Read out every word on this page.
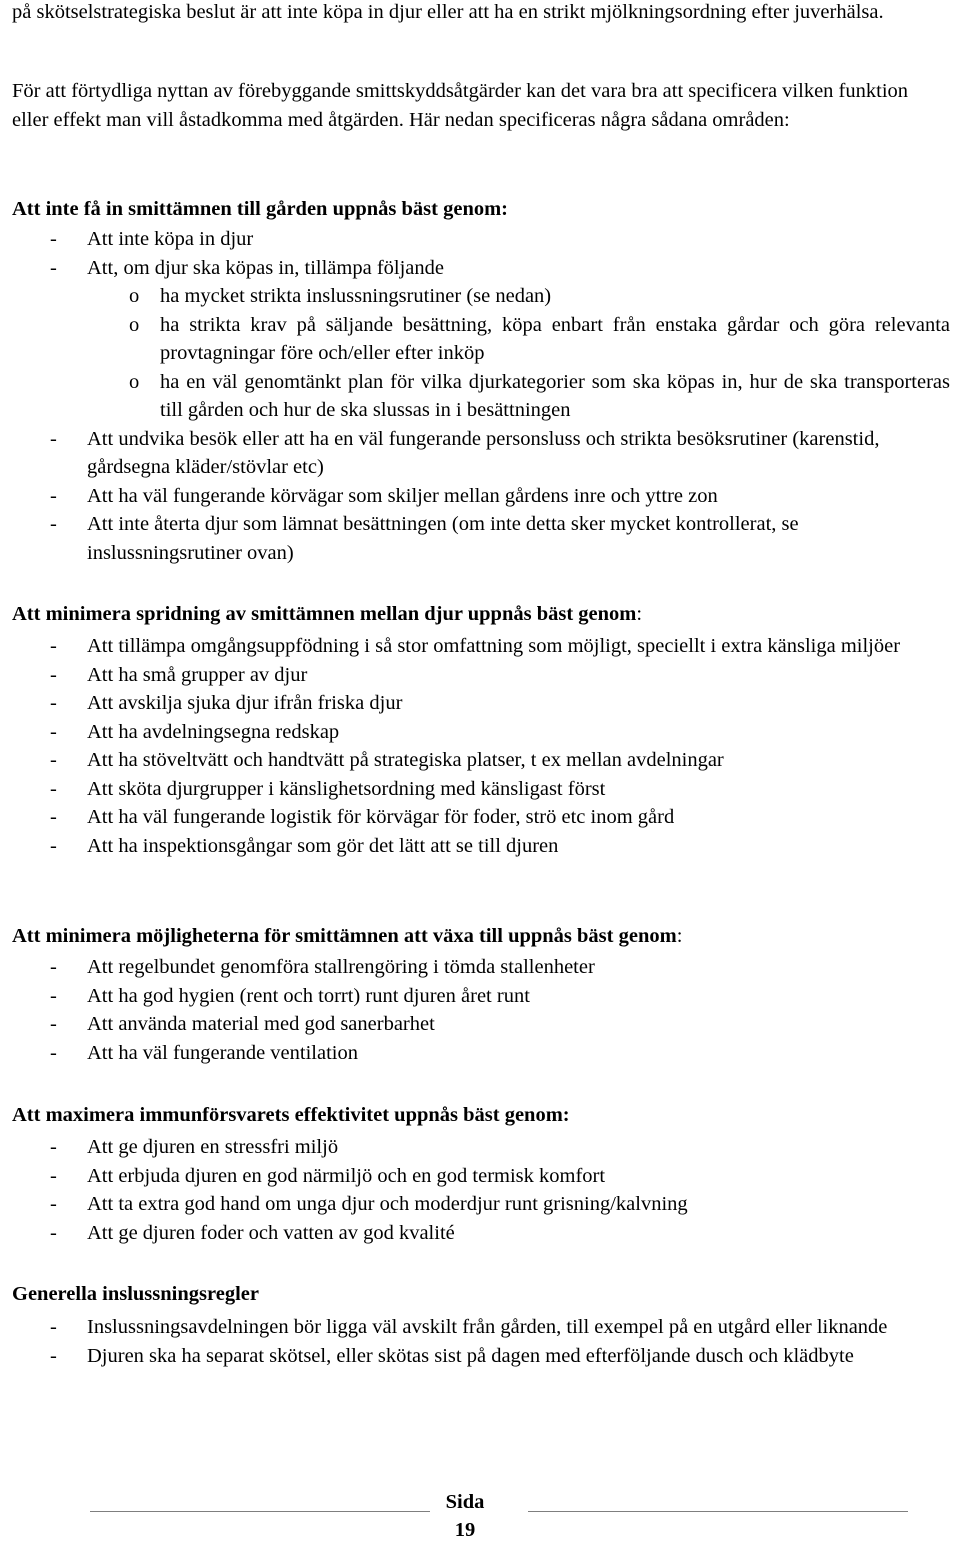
på skötselstrategiska beslut är att inte köpa in djur eller att ha en strikt mjölkningsordning efter juverhälsa.

För att förtydliga nyttan av förebyggande smittskyddsåtgärder kan det vara bra att specificera vilken funktion eller effekt man vill åstadkomma med åtgärden. Här nedan specificeras några sådana områden:

Att inte få in smittämnen till gården uppnås bäst genom:
- Att inte köpa in djur
- Att, om djur ska köpas in, tillämpa följande
o ha mycket strikta inslussningsrutiner (se nedan)
o ha strikta krav på säljande besättning, köpa enbart från enstaka gårdar och göra relevanta provtagningar före och/eller efter inköp
o ha en väl genomtänkt plan för vilka djurkategorier som ska köpas in, hur de ska transporteras till gården och hur de ska slussas in i besättningen
- Att undvika besök eller att ha en väl fungerande personsluss och strikta besöksrutiner (karenstid, gårdsegna kläder/stövlar etc)
- Att ha väl fungerande körvägar som skiljer mellan gårdens inre och yttre zon
- Att inte återta djur som lämnat besättningen (om inte detta sker mycket kontrollerat, se inslussningsrutiner ovan)
Att minimera spridning av smittämnen mellan djur uppnås bäst genom:
- Att tillämpa omgångsuppfödning i så stor omfattning som möjligt, speciellt i extra känsliga miljöer
- Att ha små grupper av djur
- Att avskilja sjuka djur ifrån friska djur
- Att ha avdelningsegna redskap
- Att ha stöveltvätt och handtvätt på strategiska platser, t ex mellan avdelningar
- Att sköta djurgrupper i känslighetsordning med känsligast först
- Att ha väl fungerande logistik för körvägar för foder, strö etc inom gård
- Att ha inspektionsgångar som gör det lätt att se till djuren
Att minimera möjligheterna för smittämnen att växa till uppnås bäst genom:
- Att regelbundet genomföra stallrengöring i tömda stallenheter
- Att ha god hygien (rent och torrt) runt djuren året runt
- Att använda material med god sanerbarhet
- Att ha väl fungerande ventilation
Att maximera immunförsvarets effektivitet uppnås bäst genom:
- Att ge djuren en stressfri miljö
- Att erbjuda djuren en god närmiljö och en god termisk komfort
- Att ta extra god hand om unga djur och moderdjur runt grisning/kalvning
- Att ge djuren foder och vatten av god kvalité
Generella inslussningsregler
- Inslussningsavdelningen bör ligga väl avskilt från gården, till exempel på en utgård eller liknande
- Djuren ska ha separat skötsel, eller skötas sist på dagen med efterföljande dusch och klädbyte
Sida
19
